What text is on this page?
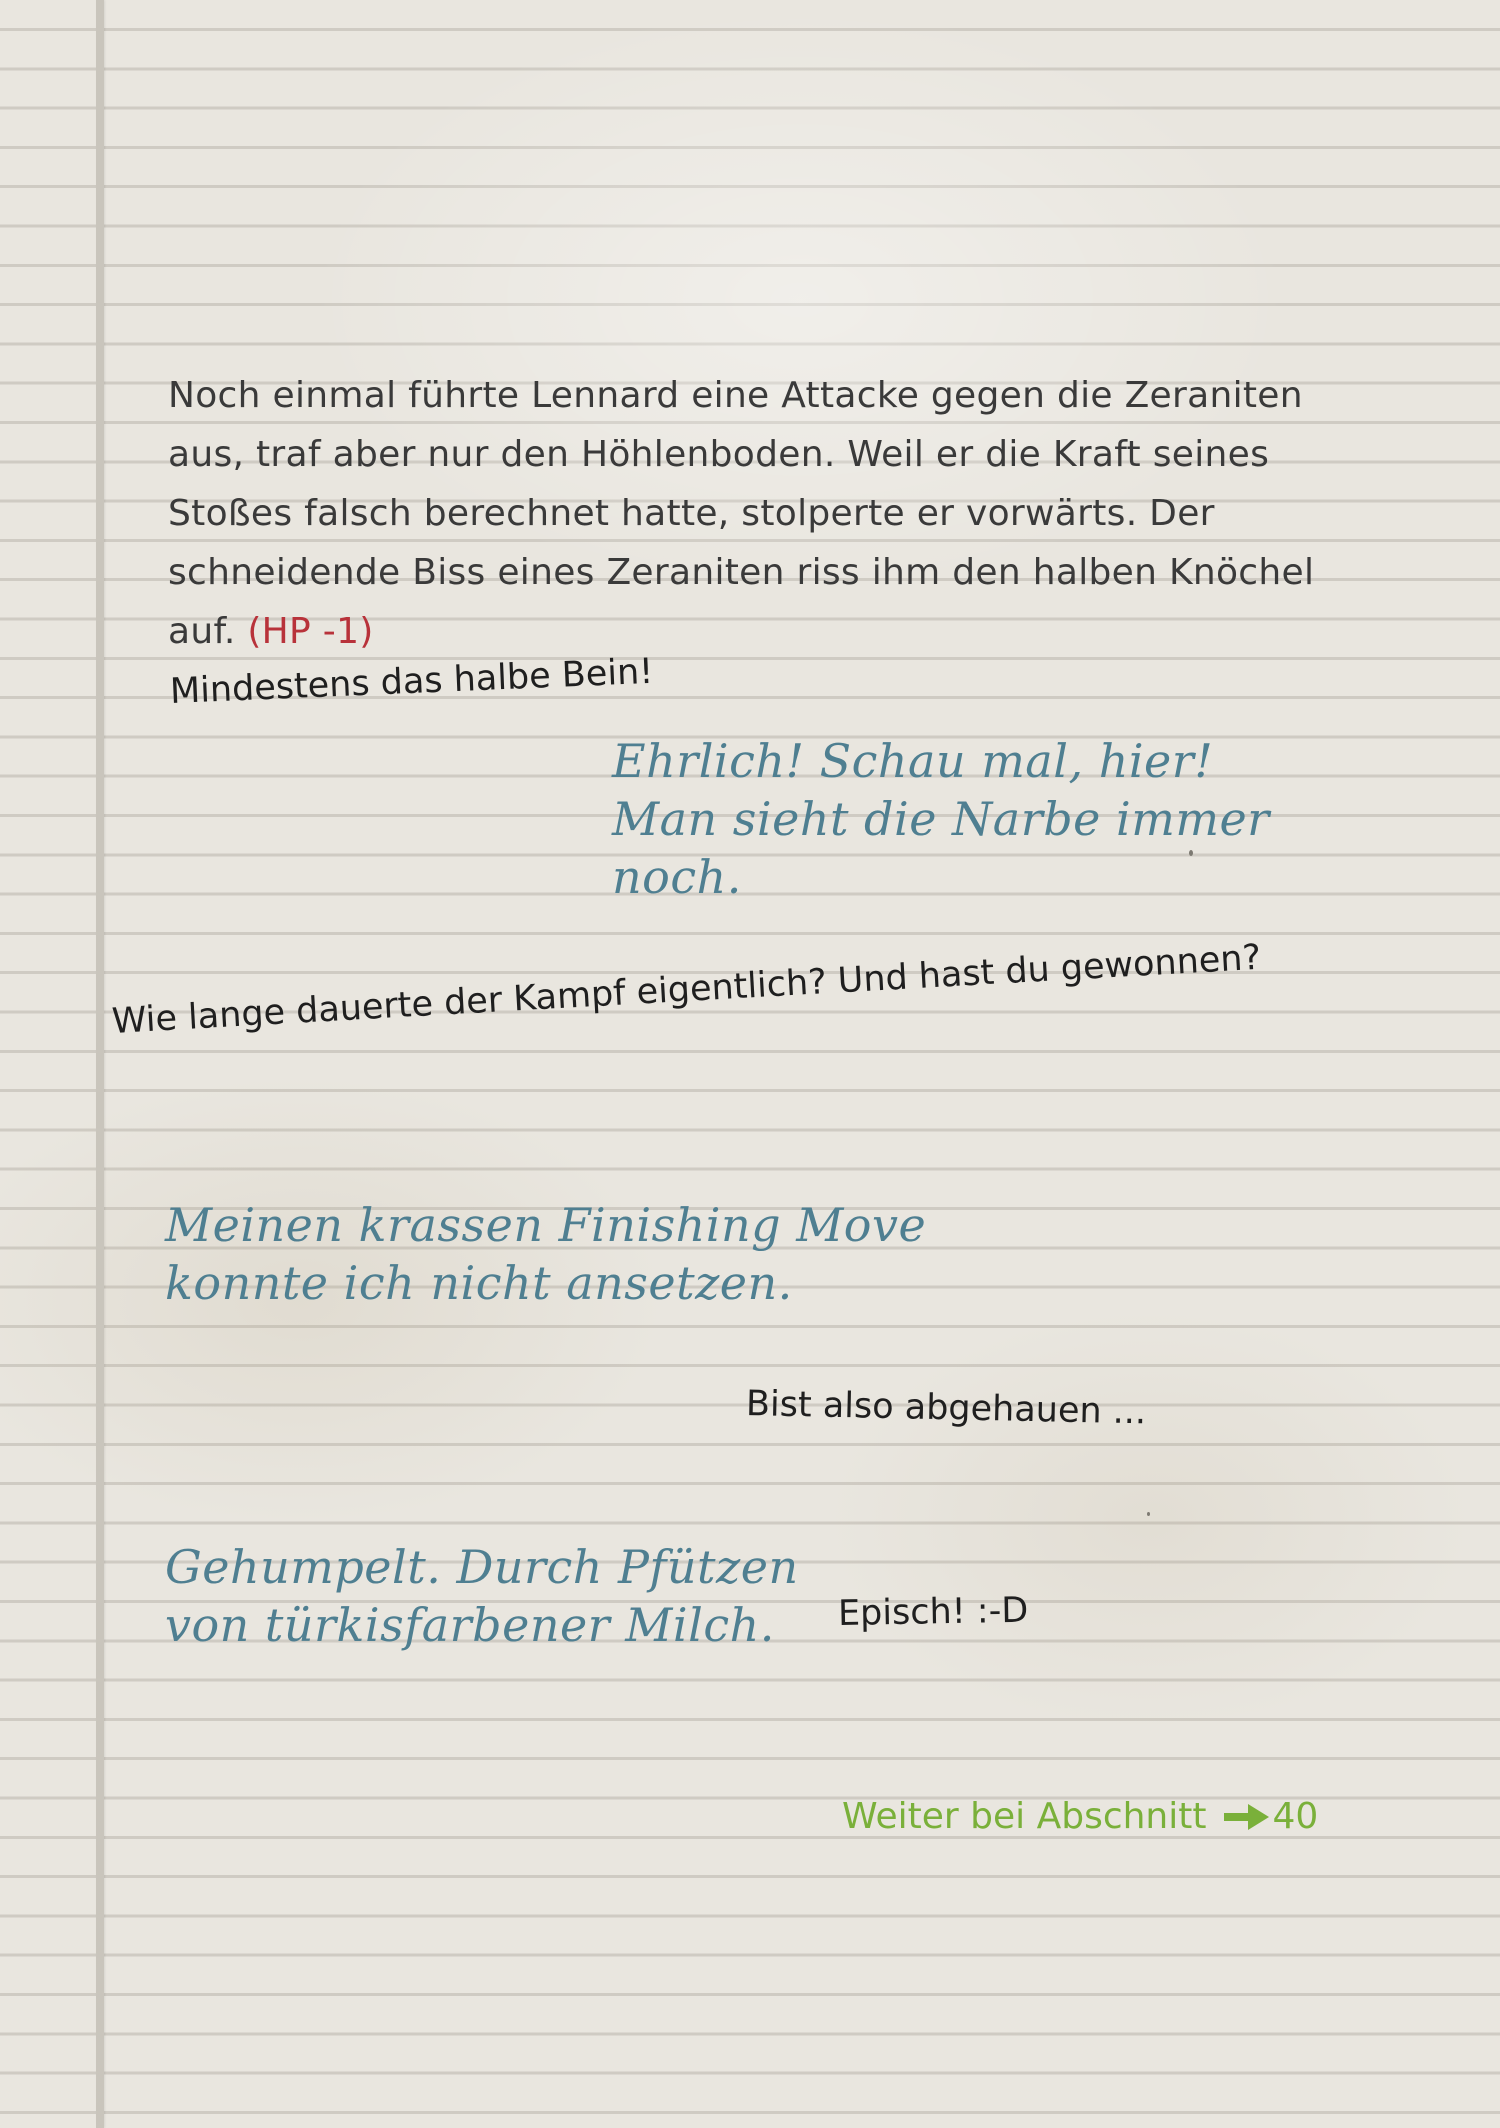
Noch einmal führte Lennard eine Attacke gegen die Zeraniten aus, traf aber nur den Höhlenboden. Weil er die Kraft seines Stoßes falsch berechnet hatte, stolperte er vorwärts. Der schneidende Biss eines Zeraniten riss ihm den halben Knöchel auf. (HP -1)

Mindestens das halbe Bein!

Ehrlich! Schau mal, hier!
Man sieht die Narbe immer
noch.

Wie lange dauerte der Kampf eigentlich? Und hast du gewonnen?

Meinen krassen Finishing Move
konnte ich nicht ansetzen.

Bist also abgehauen ...

Gehumpelt. Durch Pfützen
von türkisfarbener Milch.	Episch! :-D

Weiter bei Abschnitt 40
